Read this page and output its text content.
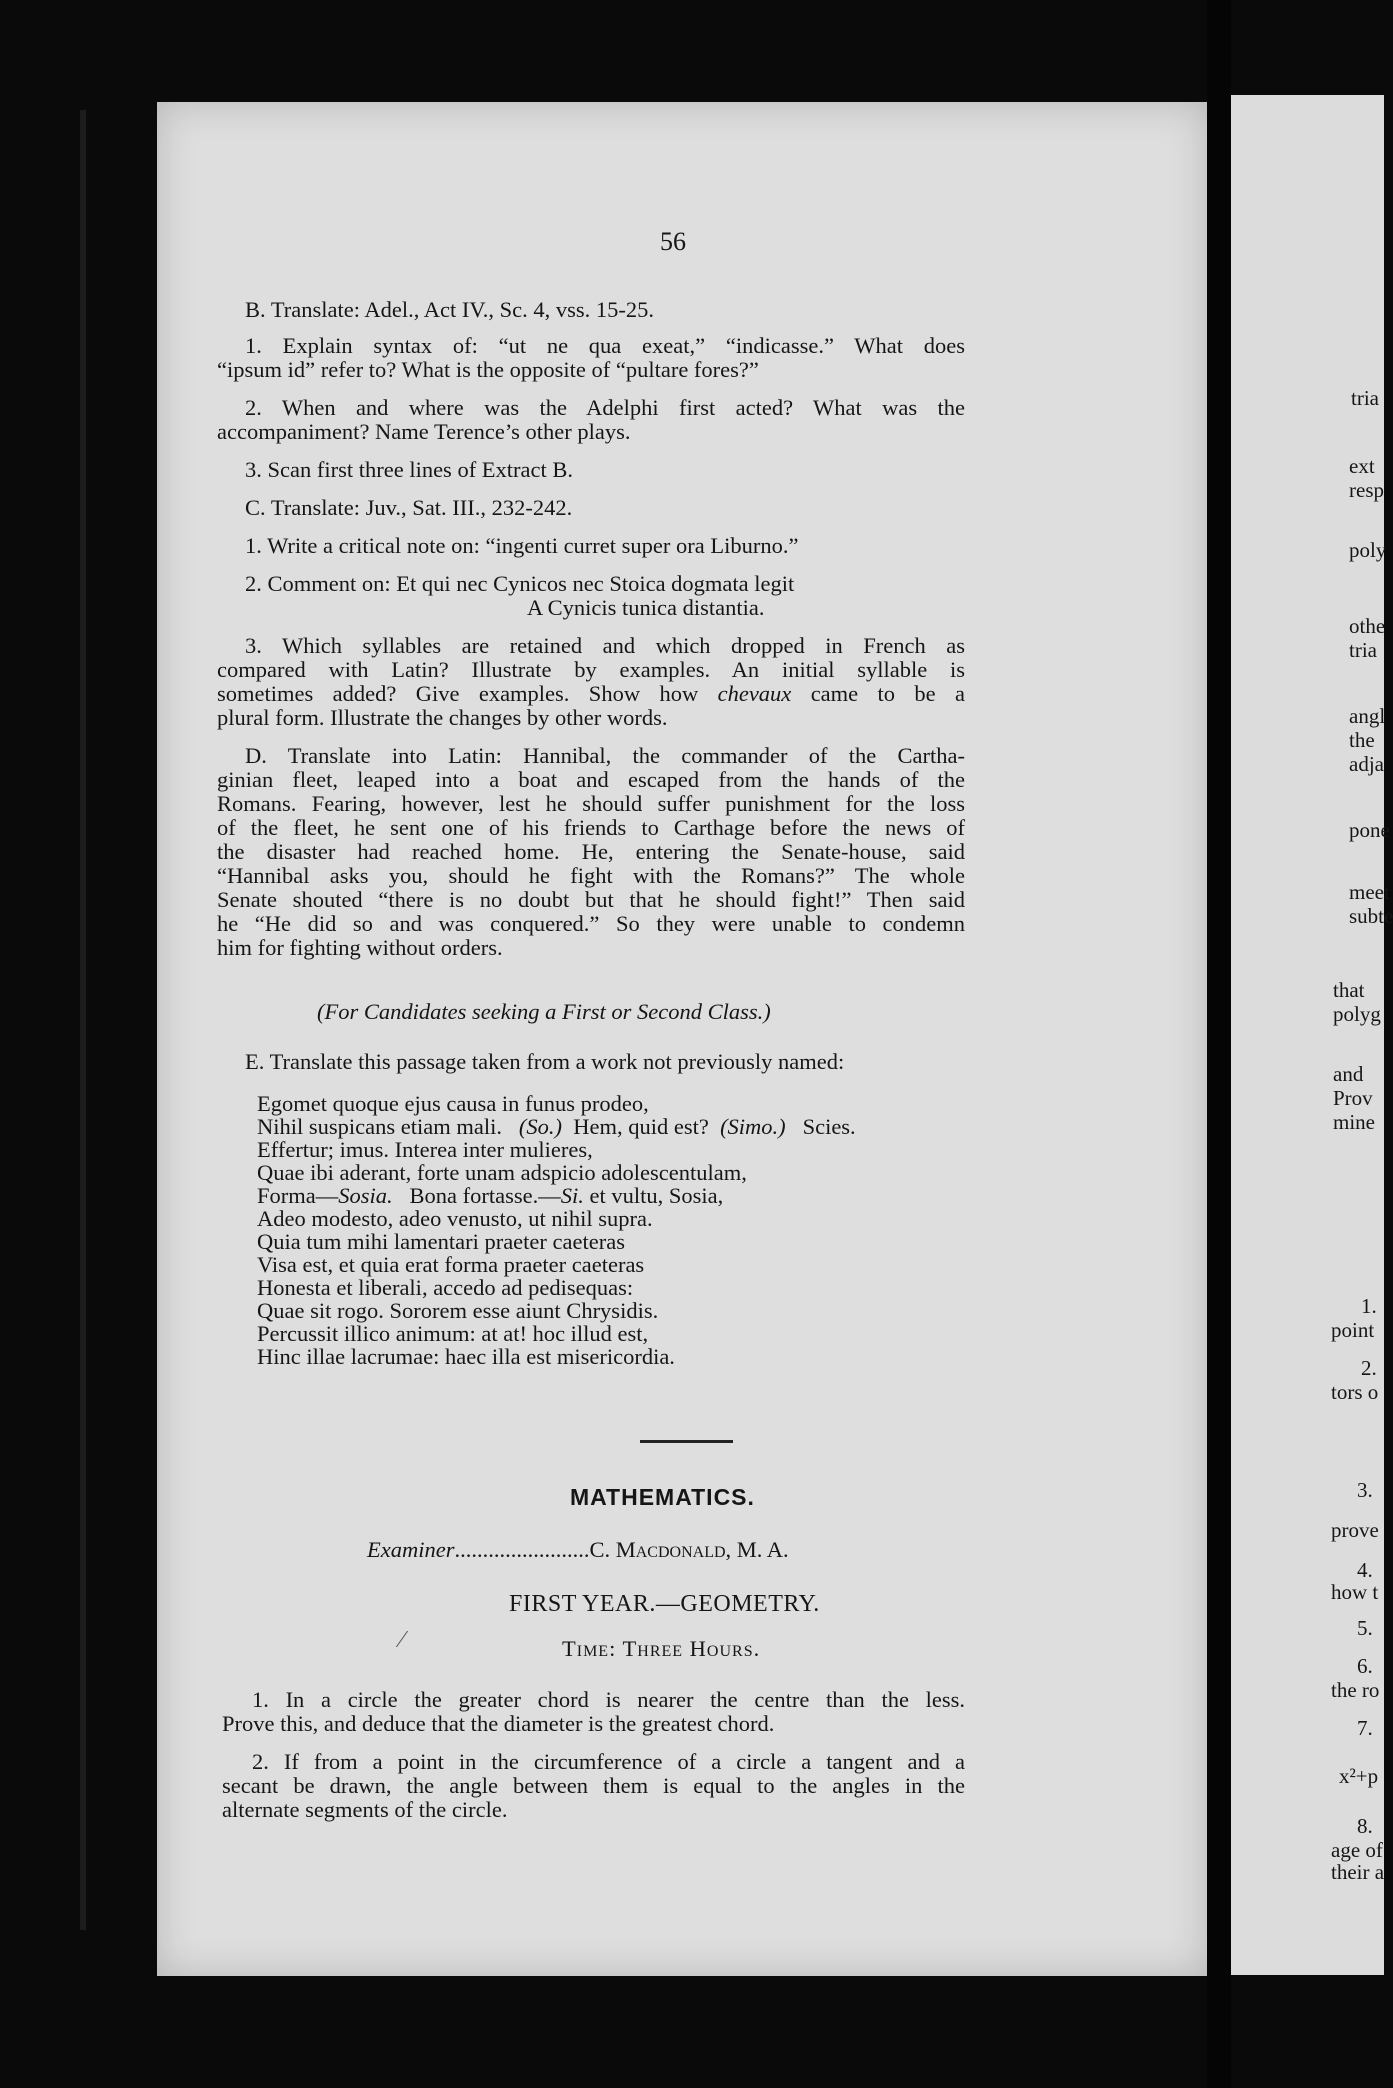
56
B. Translate: Adel., Act IV., Sc. 4, vss. 15-25.
1. Explain syntax of: “ut ne qua exeat,” “indicasse.” What does
“ipsum id” refer to? What is the opposite of “pultare fores?”
2. When and where was the Adelphi first acted? What was the
accompaniment? Name Terence’s other plays.
3. Scan first three lines of Extract B.
C. Translate: Juv., Sat. III., 232-242.
1. Write a critical note on: “ingenti curret super ora Liburno.”
2. Comment on: Et qui nec Cynicos nec Stoica dogmata legit
A Cynicis tunica distantia.
3. Which syllables are retained and which dropped in French as
compared with Latin? Illustrate by examples. An initial syllable is
sometimes added? Give examples. Show how chevaux came to be a
plural form. Illustrate the changes by other words.
D. Translate into Latin: Hannibal, the commander of the Cartha-
ginian fleet, leaped into a boat and escaped from the hands of the
Romans. Fearing, however, lest he should suffer punishment for the loss
of the fleet, he sent one of his friends to Carthage before the news of
the disaster had reached home. He, entering the Senate-house, said
“Hannibal asks you, should he fight with the Romans?” The whole
Senate shouted “there is no doubt but that he should fight!” Then said
he “He did so and was conquered.” So they were unable to condemn
him for fighting without orders.
(For Candidates seeking a First or Second Class.)
E. Translate this passage taken from a work not previously named:
Egomet quoque ejus causa in funus prodeo,
Nihil suspicans etiam mali. (So.) Hem, quid est? (Simo.) Scies.
Effertur; imus. Interea inter mulieres,
Quae ibi aderant, forte unam adspicio adolescentulam,
Forma—Sosia. Bona fortasse.—Si. et vultu, Sosia,
Adeo modesto, adeo venusto, ut nihil supra.
Quia tum mihi lamentari praeter caeteras
Visa est, et quia erat forma praeter caeteras
Honesta et liberali, accedo ad pedisequas:
Quae sit rogo. Sororem esse aiunt Chrysidis.
Percussit illico animum: at at! hoc illud est,
Hinc illae lacrumae: haec illa est misericordia.
MATHEMATICS.
Examiner........................C. Macdonald, M. A.
FIRST YEAR.—GEOMETRY.
Time: Three Hours.
1. In a circle the greater chord is nearer the centre than the less.
Prove this, and deduce that the diameter is the greatest chord.
2. If from a point in the circumference of a circle a tangent and a
secant be drawn, the angle between them is equal to the angles in the
alternate segments of the circle.
⁄
tria
ext
resp
poly
othe
tria
angl
the
adja
pone
meet
subte
that
polyg
and
Prov
mine
1.
point
2.
tors o
3.
prove
4.
how t
5.
6.
the ro
7.
x²+p
8.
age of
their a
